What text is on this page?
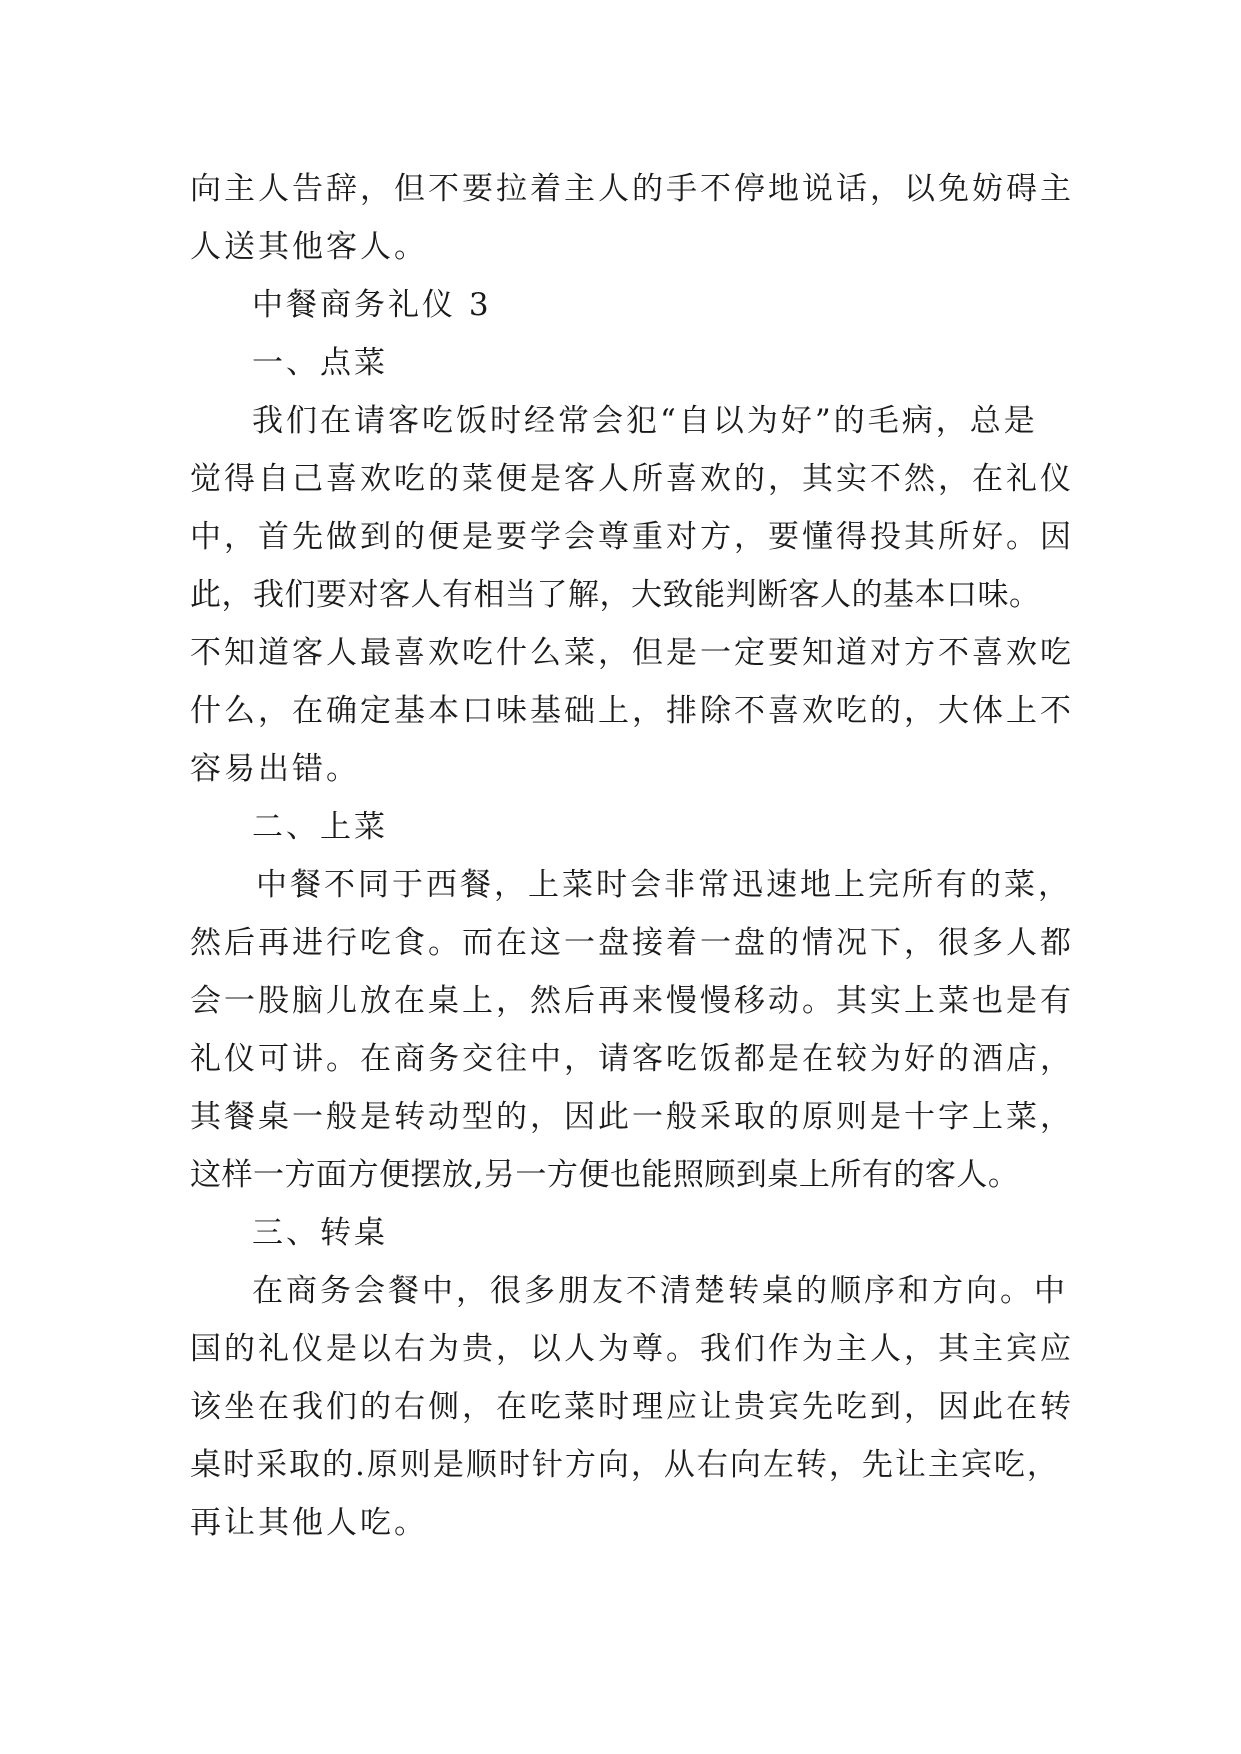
向主人告辞，但不要拉着主人的手不停地说话，以免妨碍主
人送其他客人。
中餐商务礼仪 3
一、点菜
我们在请客吃饭时经常会犯“自以为好”的毛病，总是
觉得自己喜欢吃的菜便是客人所喜欢的，其实不然，在礼仪
中，首先做到的便是要学会尊重对方，要懂得投其所好。因
此，我们要对客人有相当了解，大致能判断客人的基本口味。
不知道客人最喜欢吃什么菜，但是一定要知道对方不喜欢吃
什么，在确定基本口味基础上，排除不喜欢吃的，大体上不
容易出错。
二、上菜
中餐不同于西餐，上菜时会非常迅速地上完所有的菜，
然后再进行吃食。而在这一盘接着一盘的情况下，很多人都
会一股脑儿放在桌上，然后再来慢慢移动。其实上菜也是有
礼仪可讲。在商务交往中，请客吃饭都是在较为好的酒店，
其餐桌一般是转动型的，因此一般采取的原则是十字上菜，
这样一方面方便摆放,另一方便也能照顾到桌上所有的客人。
三、转桌
在商务会餐中，很多朋友不清楚转桌的顺序和方向。中
国的礼仪是以右为贵，以人为尊。我们作为主人，其主宾应
该坐在我们的右侧，在吃菜时理应让贵宾先吃到，因此在转
桌时采取的.原则是顺时针方向，从右向左转，先让主宾吃，
再让其他人吃。
